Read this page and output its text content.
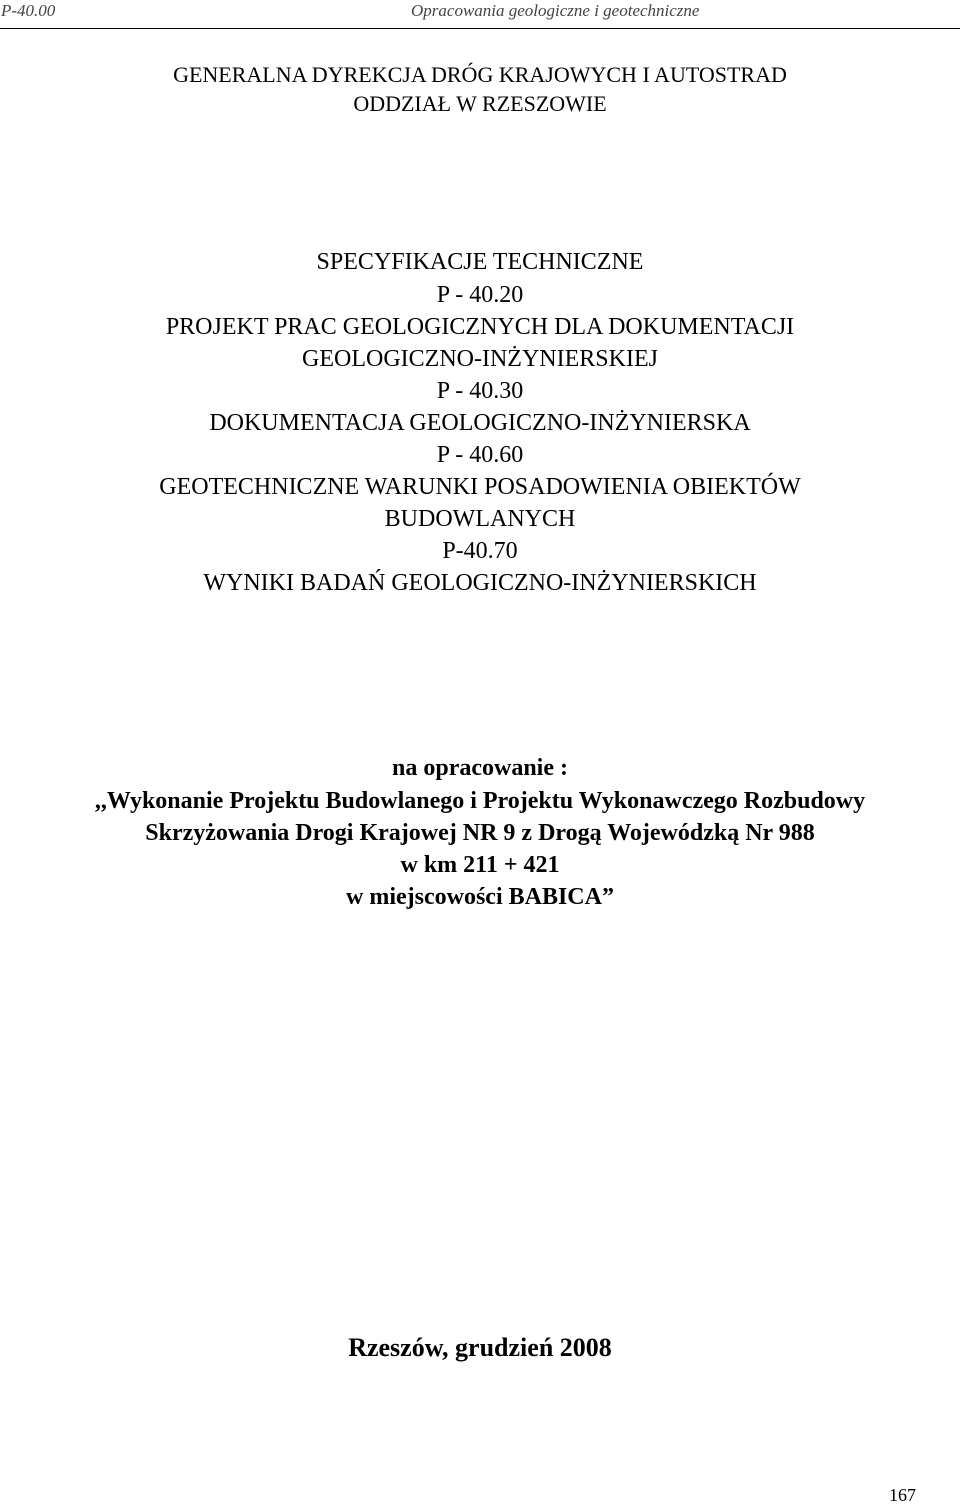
P-40.00	Opracowania geologiczne i geotechniczne
GENERALNA DYREKCJA DRÓG KRAJOWYCH I AUTOSTRAD
ODDZIAŁ W RZESZOWIE
SPECYFIKACJE TECHNICZNE
P - 40.20
PROJEKT PRAC GEOLOGICZNYCH DLA DOKUMENTACJI
GEOLOGICZNO-INŻYNIERSKIEJ
P - 40.30
DOKUMENTACJA GEOLOGICZNO-INŻYNIERSKA
P - 40.60
GEOTECHNICZNE WARUNKI POSADOWIENIA OBIEKTÓW
BUDOWLANYCH
P-40.70
WYNIKI BADAŃ GEOLOGICZNO-INŻYNIERSKICH
na opracowanie :
,,Wykonanie Projektu Budowlanego i Projektu Wykonawczego Rozbudowy
Skrzyżowania Drogi Krajowej NR 9 z Drogą Wojewódzką Nr 988
w km 211 + 421
w miejscowości BABICA”
Rzeszów, grudzień 2008
167
